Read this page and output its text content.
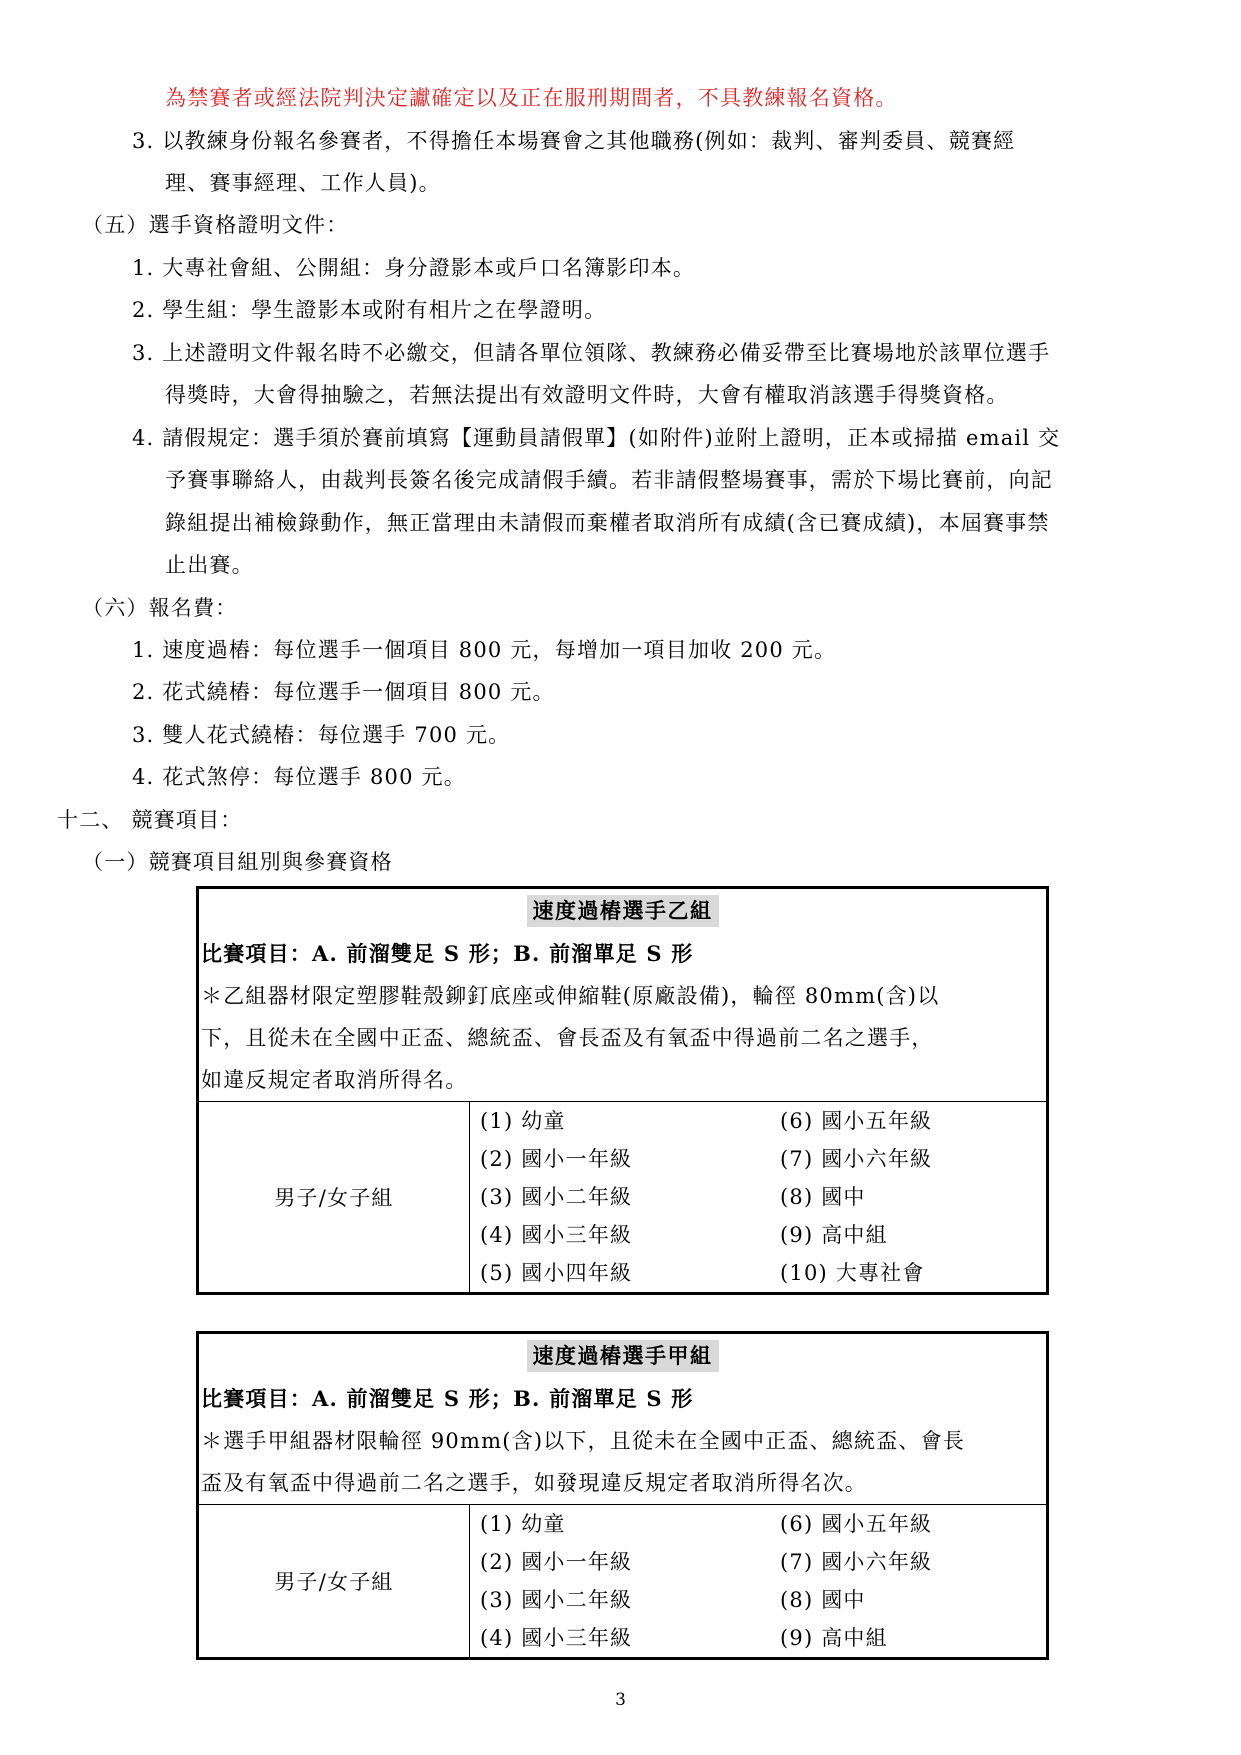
為禁賽者或經法院判決定讞確定以及正在服刑期間者，不具教練報名資格。
3. 以教練身份報名參賽者，不得擔任本場賽會之其他職務(例如：裁判、審判委員、競賽經
理、賽事經理、工作人員)。
（五）選手資格證明文件：
1. 大專社會組、公開組：身分證影本或戶口名簿影印本。
2. 學生組：學生證影本或附有相片之在學證明。
3. 上述證明文件報名時不必繳交，但請各單位領隊、教練務必備妥帶至比賽場地於該單位選手
得獎時，大會得抽驗之，若無法提出有效證明文件時，大會有權取消該選手得獎資格。
4. 請假規定：選手須於賽前填寫【運動員請假單】(如附件)並附上證明，正本或掃描 email 交
予賽事聯絡人，由裁判長簽名後完成請假手續。若非請假整場賽事，需於下場比賽前，向記
錄組提出補檢錄動作，無正當理由未請假而棄權者取消所有成績(含已賽成績)，本屆賽事禁
止出賽。
（六）報名費：
1. 速度過樁：每位選手一個項目 800 元，每增加一項目加收 200 元。
2. 花式繞樁：每位選手一個項目 800 元。
3. 雙人花式繞樁：每位選手 700 元。
4. 花式煞停：每位選手 800 元。
十二、 競賽項目：
（一）競賽項目組別與參賽資格
速度過樁選手乙組
比賽項目：A. 前溜雙足 S 形；B. 前溜單足 S 形
＊乙組器材限定塑膠鞋殼鉚釘底座或伸縮鞋(原廠設備)，輪徑 80mm(含)以
下，且從未在全國中正盃、總統盃、會長盃及有氧盃中得過前二名之選手，
如違反規定者取消所得名。
男子/女子組
(1) 幼童
(2) 國小一年級
(3) 國小二年級
(4) 國小三年級
(5) 國小四年級
(6) 國小五年級
(7) 國小六年級
(8) 國中
(9) 高中組
(10) 大專社會
速度過樁選手甲組
比賽項目：A. 前溜雙足 S 形；B. 前溜單足 S 形
＊選手甲組器材限輪徑 90mm(含)以下，且從未在全國中正盃、總統盃、會長
盃及有氧盃中得過前二名之選手，如發現違反規定者取消所得名次。
男子/女子組
(1) 幼童
(2) 國小一年級
(3) 國小二年級
(4) 國小三年級
(6) 國小五年級
(7) 國小六年級
(8) 國中
(9) 高中組
3
